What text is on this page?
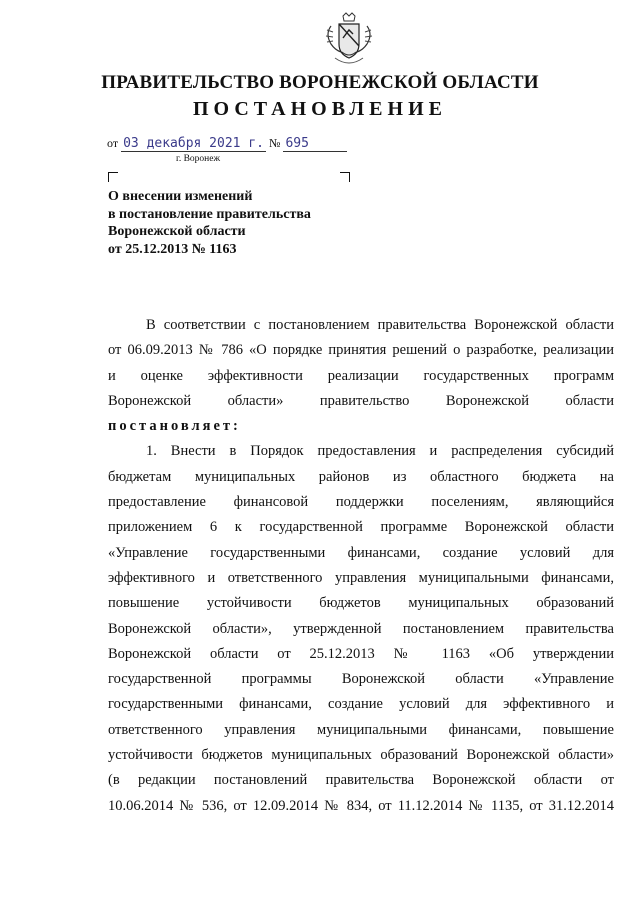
ПРАВИТЕЛЬСТВО ВОРОНЕЖСКОЙ ОБЛАСТИ
ПОСТАНОВЛЕНИЕ
от 03 декабря 2021 г. № 695
г. Воронеж
О внесении изменений
в постановление правительства
Воронежской области
от 25.12.2013 № 1163
В соответствии с постановлением правительства Воронежской области
от 06.09.2013 № 786 «О порядке принятия решений о разработке, реализации
и оценке эффективности реализации государственных программ
Воронежской области» правительство Воронежской области
постановляет:
1. Внести в Порядок предоставления и распределения субсидий
бюджетам муниципальных районов из областного бюджета на
предоставление финансовой поддержки поселениям, являющийся
приложением 6 к государственной программе Воронежской области
«Управление государственными финансами, создание условий для
эффективного и ответственного управления муниципальными финансами,
повышение устойчивости бюджетов муниципальных образований
Воронежской области», утвержденной постановлением правительства
Воронежской области от 25.12.2013 № 1163 «Об утверждении
государственной программы Воронежской области «Управление
государственными финансами, создание условий для эффективного и
ответственного управления муниципальными финансами, повышение
устойчивости бюджетов муниципальных образований Воронежской области»
(в редакции постановлений правительства Воронежской области от
10.06.2014 № 536, от 12.09.2014 № 834, от 11.12.2014 № 1135, от 31.12.2014
